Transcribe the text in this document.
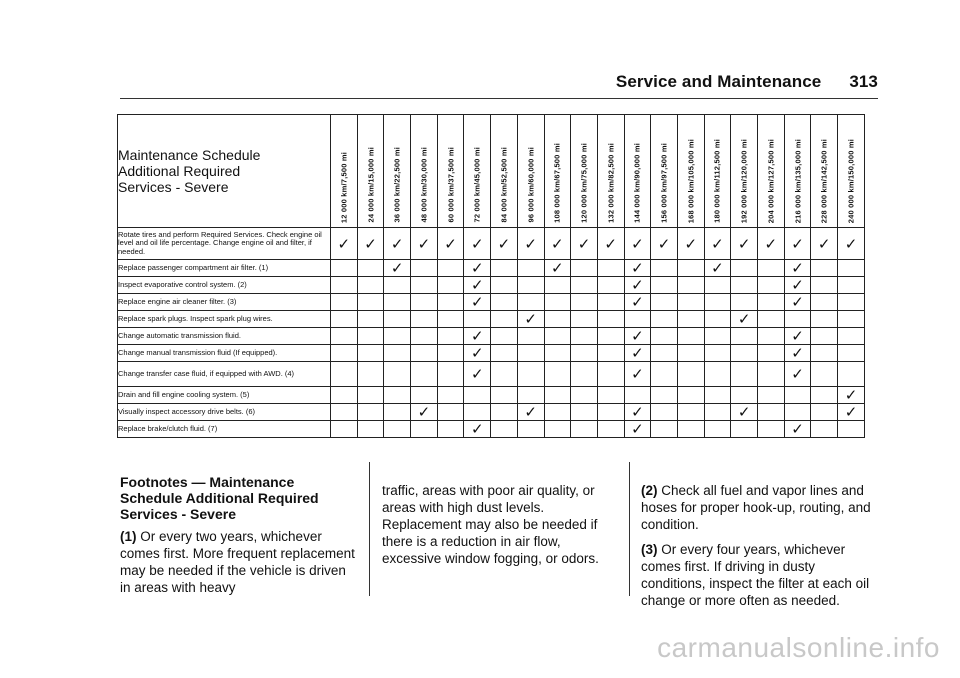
Service and Maintenance 313
Maintenance Schedule
Additional Required
Services - Severe	12 000 km/7,500 mi	24 000 km/15,000 mi	36 000 km/22,500 mi	48 000 km/30,000 mi	60 000 km/37,500 mi	72 000 km/45,000 mi	84 000 km/52,500 mi	96 000 km/60,000 mi	108 000 km/67,500 mi	120 000 km/75,000 mi	132 000 km/82,500 mi	144 000 km/90,000 mi	156 000 km/97,500 mi	168 000 km/105,000 mi	180 000 km/112,500 mi	192 000 km/120,000 mi	204 000 km/127,500 mi	216 000 km/135,000 mi	228 000 km/142,500 mi	240 000 km/150,000 mi

Rotate tires and perform Required Services. Check engine oil level and oil life percentage. Change engine oil and filter, if needed.	✓	✓	✓	✓	✓	✓	✓	✓	✓	✓	✓	✓	✓	✓	✓	✓	✓	✓	✓	✓
Replace passenger compartment air filter. (1)			✓			✓			✓			✓			✓			✓		
Inspect evaporative control system. (2)						✓						✓						✓		
Replace engine air cleaner filter. (3)						✓						✓						✓		
Replace spark plugs. Inspect spark plug wires.								✓								✓				
Change automatic transmission fluid.						✓						✓						✓		
Change manual transmission fluid (If equipped).						✓						✓						✓		
Change transfer case fluid, if equipped with AWD. (4)						✓						✓						✓		
Drain and fill engine cooling system. (5)																				✓
Visually inspect accessory drive belts. (6)				✓				✓				✓				✓				✓
Replace brake/clutch fluid. (7)						✓						✓						✓		
Footnotes — Maintenance Schedule Additional Required Services - Severe

(1) Or every two years, whichever comes first. More frequent replacement may be needed if the vehicle is driven in areas with heavy

traffic, areas with poor air quality, or areas with high dust levels. Replacement may also be needed if there is a reduction in air flow, excessive window fogging, or odors.

(2) Check all fuel and vapor lines and hoses for proper hook-up, routing, and condition.

(3) Or every four years, whichever comes first. If driving in dusty conditions, inspect the filter at each oil change or more often as needed.

carmanualsonline.info
